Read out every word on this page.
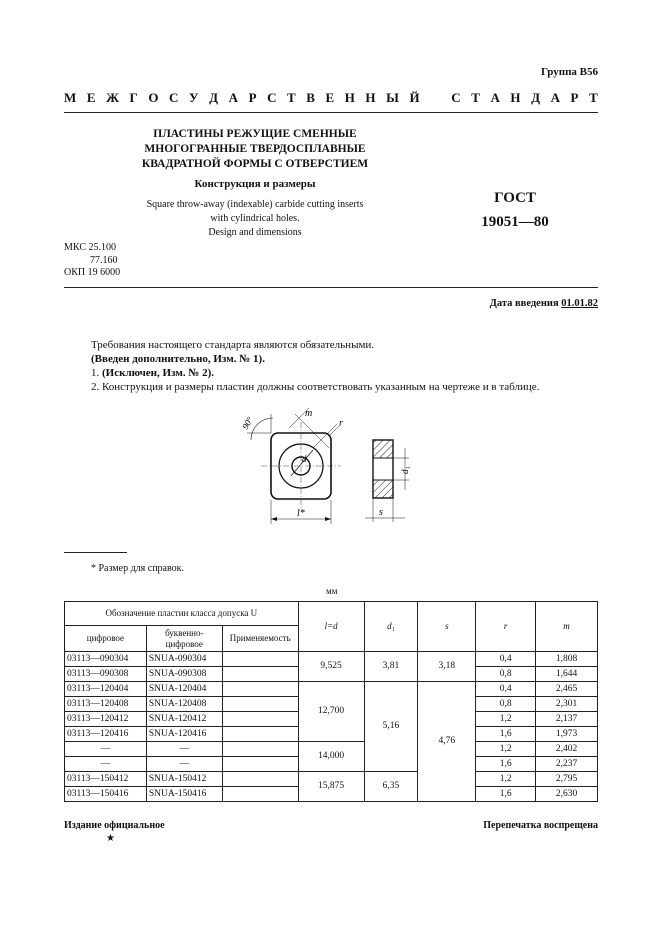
Группа В56
М Е Ж Г О С У Д А Р С Т В Е Н Н Ы Й С Т А Н Д А Р Т
ПЛАСТИНЫ РЕЖУЩИЕ СМЕННЫЕ
МНОГОГРАННЫЕ ТВЕРДОСПЛАВНЫЕ
КВАДРАТНОЙ ФОРМЫ С ОТВЕРСТИЕМ
Конструкция и размеры
Square throw-away (indexable) carbide cutting inserts
with cylindrical holes.
Design and dimensions
ГОСТ
19051—80
МКС 25.100
77.160
ОКП 19 6000
Дата введения 01.01.82
Требования настоящего стандарта являются обязательными.
(Введен дополнительно, Изм. № 1).
1. (Исключен, Изм. № 2).
2. Конструкция и размеры пластин должны соответствовать указанным на чертеже и в таблице.
90°
m
r
d
l*
d₁
s
* Размер для справок.
мм
Обозначение пластин класса допуска U			l=d	d₁	s	r	m
цифровое	буквенно-цифровое	Применяемость					
03113—090304	SNUA-090304		9,525	3,81	3,18	0,4	1,808
03113—090308	SNUA-090308					0,8	1,644
03113—120404	SNUA-120404		12,700	5,16	4,76	0,4	2,465
03113—120408	SNUA-120408					0,8	2,301
03113—120412	SNUA-120412					1,2	2,137
03113—120416	SNUA-120416					1,6	1,973
—	—		14,000			1,2	2,402
—	—					1,6	2,237
03113—150412	SNUA-150412		15,875	6,35		1,2	2,795
03113—150416	SNUA-150416					1,6	2,630
Издание официальное
★
Перепечатка воспрещена
